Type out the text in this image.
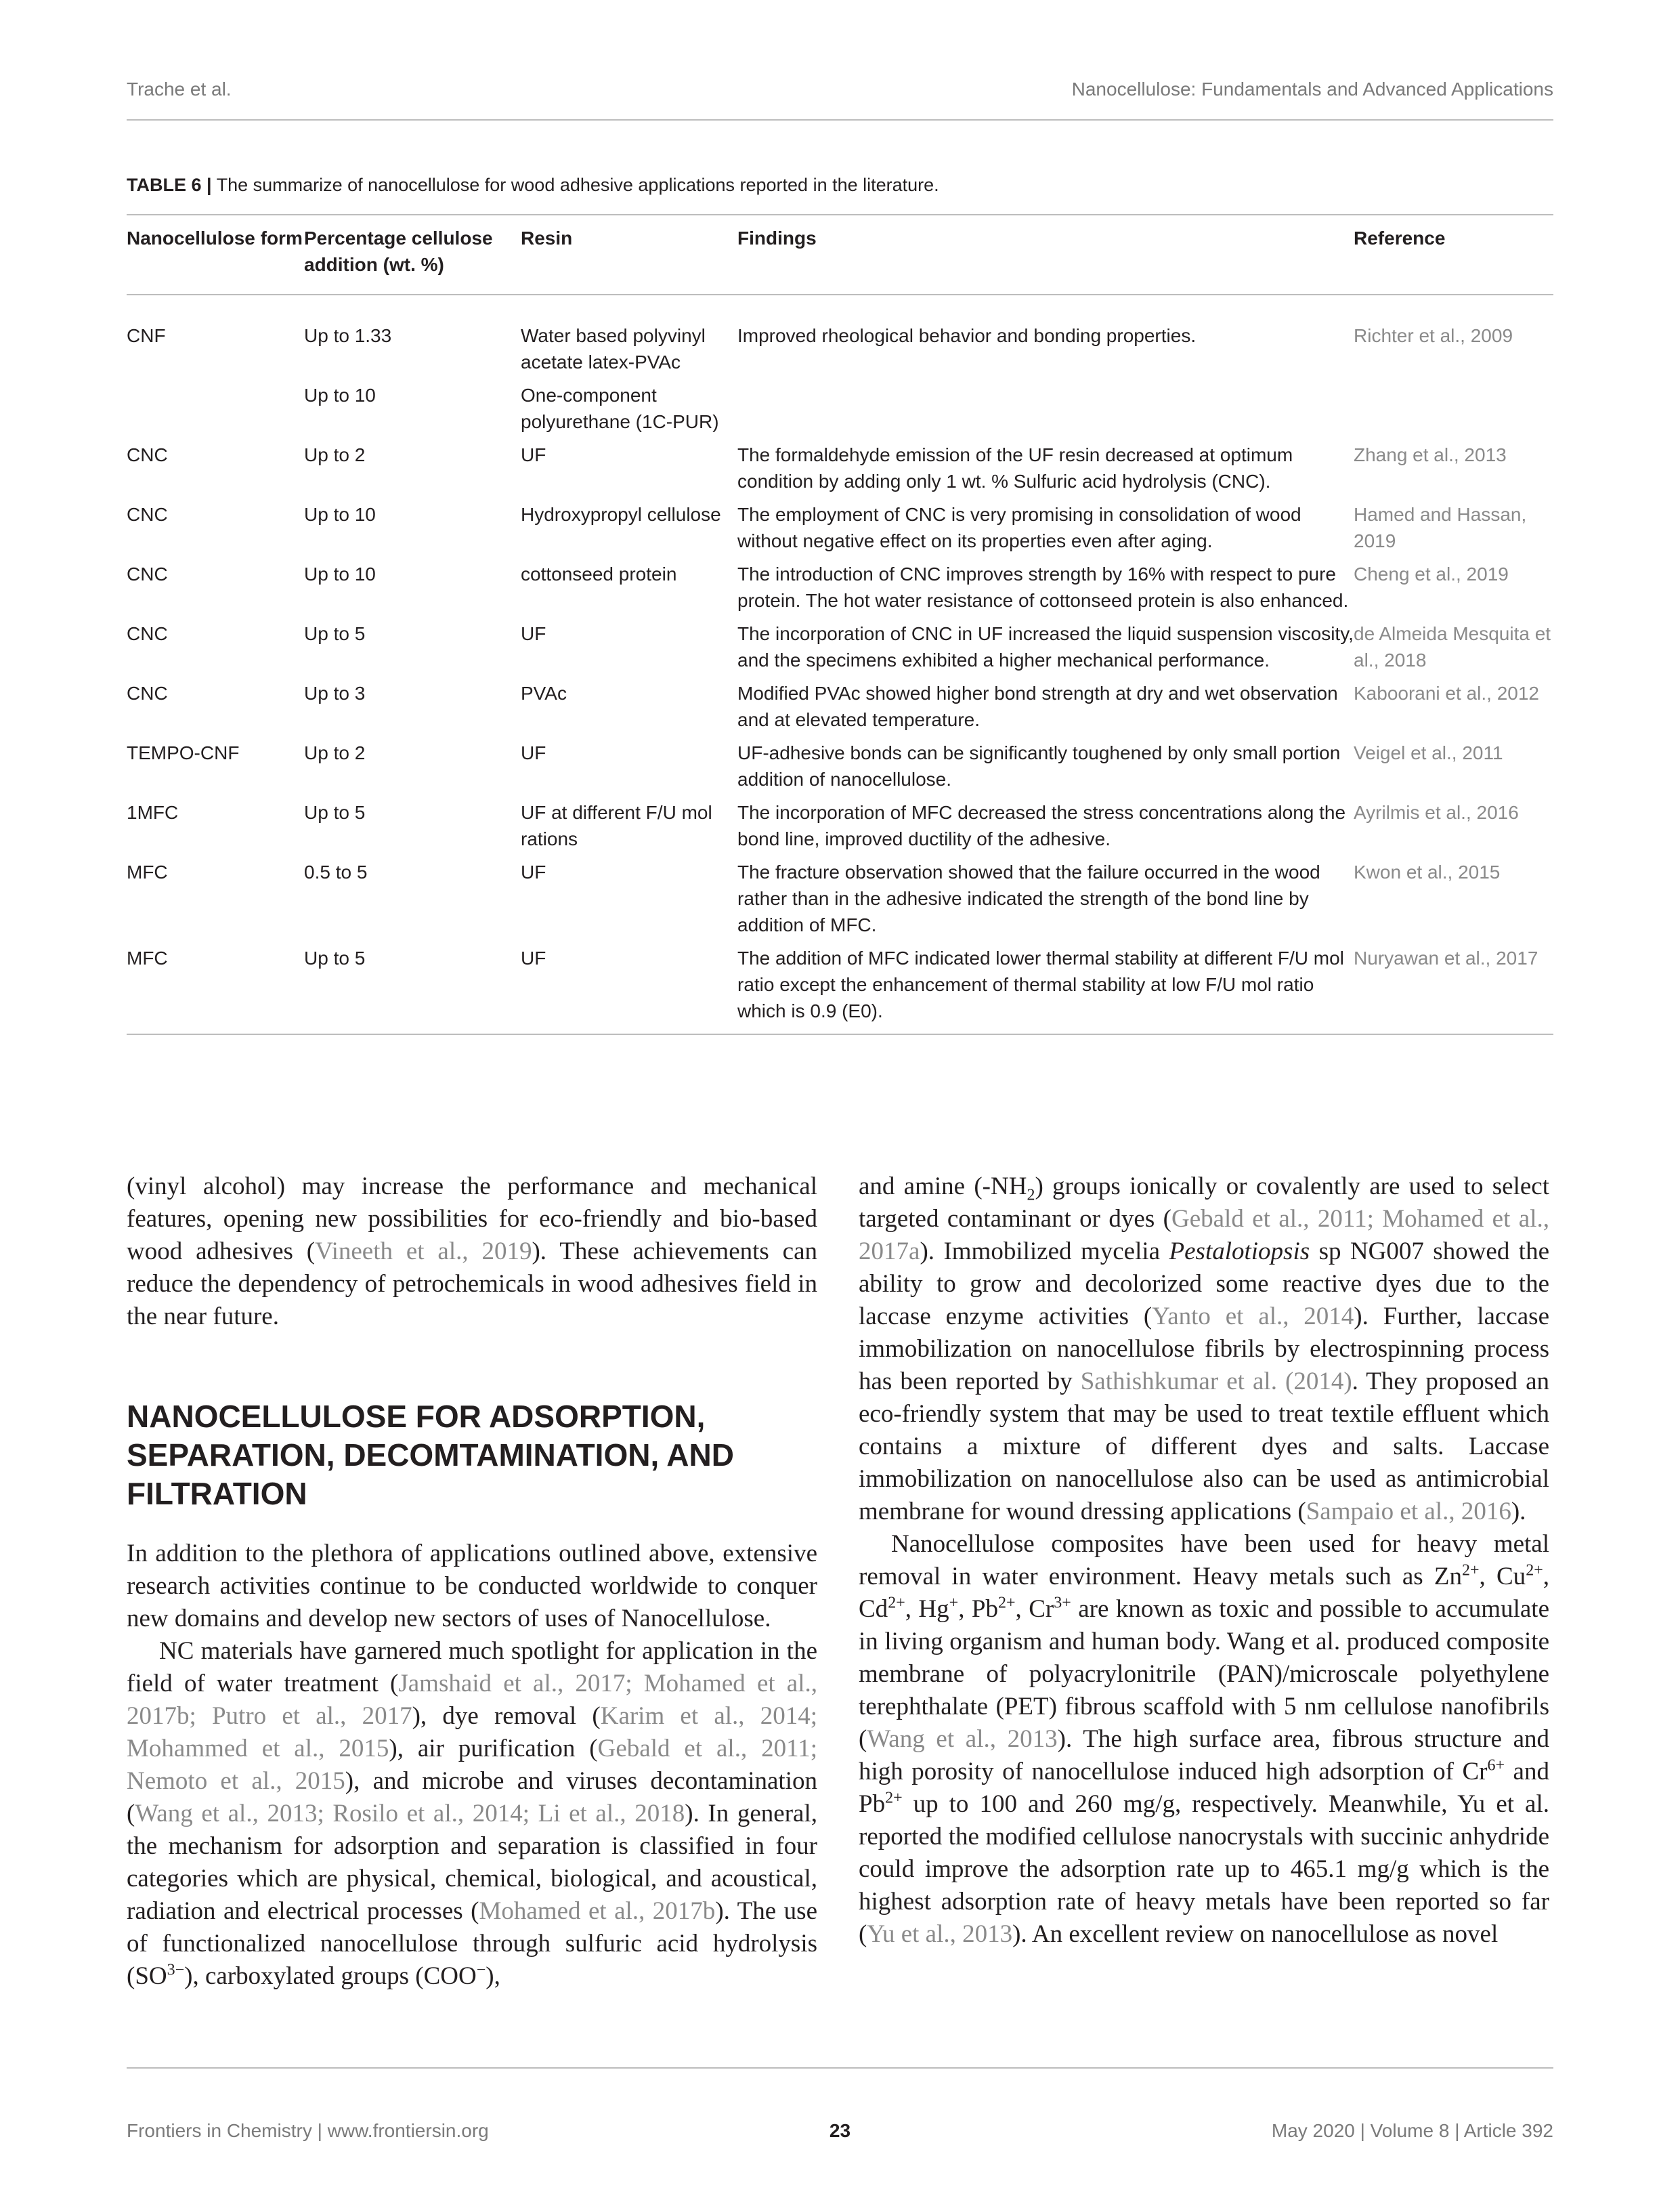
Trache et al.	Nanocellulose: Fundamentals and Advanced Applications
TABLE 6 | The summarize of nanocellulose for wood adhesive applications reported in the literature.
Nanocellulose form	Percentage cellulose addition (wt. %)	Resin	Findings	Reference
CNF	Up to 1.33	Water based polyvinyl acetate latex-PVAc	Improved rheological behavior and bonding properties.	Richter et al., 2009
	Up to 10	One-component polyurethane (1C-PUR)		
CNC	Up to 2	UF	The formaldehyde emission of the UF resin decreased at optimum condition by adding only 1 wt. % Sulfuric acid hydrolysis (CNC).	Zhang et al., 2013
CNC	Up to 10	Hydroxypropyl cellulose	The employment of CNC is very promising in consolidation of wood without negative effect on its properties even after aging.	Hamed and Hassan, 2019
CNC	Up to 10	cottonseed protein	The introduction of CNC improves strength by 16% with respect to pure protein. The hot water resistance of cottonseed protein is also enhanced.	Cheng et al., 2019
CNC	Up to 5	UF	The incorporation of CNC in UF increased the liquid suspension viscosity, and the specimens exhibited a higher mechanical performance.	de Almeida Mesquita et al., 2018
CNC	Up to 3	PVAc	Modified PVAc showed higher bond strength at dry and wet observation and at elevated temperature.	Kaboorani et al., 2012
TEMPO-CNF	Up to 2	UF	UF-adhesive bonds can be significantly toughened by only small portion addition of nanocellulose.	Veigel et al., 2011
1MFC	Up to 5	UF at different F/U mol rations	The incorporation of MFC decreased the stress concentrations along the bond line, improved ductility of the adhesive.	Ayrilmis et al., 2016
MFC	0.5 to 5	UF	The fracture observation showed that the failure occurred in the wood rather than in the adhesive indicated the strength of the bond line by addition of MFC.	Kwon et al., 2015
MFC	Up to 5	UF	The addition of MFC indicated lower thermal stability at different F/U mol ratio except the enhancement of thermal stability at low F/U mol ratio which is 0.9 (E0).	Nuryawan et al., 2017

(vinyl alcohol) may increase the performance and mechanical features, opening new possibilities for eco-friendly and bio-based wood adhesives (Vineeth et al., 2019). These achievements can reduce the dependency of petrochemicals in wood adhesives field in the near future.

NANOCELLULOSE FOR ADSORPTION, SEPARATION, DECOMTAMINATION, AND FILTRATION

In addition to the plethora of applications outlined above, extensive research activities continue to be conducted worldwide to conquer new domains and develop new sectors of uses of Nanocellulose.

NC materials have garnered much spotlight for application in the field of water treatment (Jamshaid et al., 2017; Mohamed et al., 2017b; Putro et al., 2017), dye removal (Karim et al., 2014; Mohammed et al., 2015), air purification (Gebald et al., 2011; Nemoto et al., 2015), and microbe and viruses decontamination (Wang et al., 2013; Rosilo et al., 2014; Li et al., 2018). In general, the mechanism for adsorption and separation is classified in four categories which are physical, chemical, biological, and acoustical, radiation and electrical processes (Mohamed et al., 2017b). The use of functionalized nanocellulose through sulfuric acid hydrolysis $(SO^{3-})$, carboxylated groups (COO−),

and amine $(-NH_2)$ groups ionically or covalently are used to select targeted contaminant or dyes (Gebald et al., 2011; Mohamed et al., 2017a). Immobilized mycelia Pestalotiopsis sp NG007 showed the ability to grow and decolorized some reactive dyes due to the laccase enzyme activities (Yanto et al., 2014). Further, laccase immobilization on nanocellulose fibrils by electrospinning process has been reported by Sathishkumar et al. (2014). They proposed an eco-friendly system that may be used to treat textile effluent which contains a mixture of different dyes and salts. Laccase immobilization on nanocellulose also can be used as antimicrobial membrane for wound dressing applications (Sampaio et al., 2016).

Nanocellulose composites have been used for heavy metal removal in water environment. Heavy metals such as $Zn^{2+}$, $Cu^{2+}$, $Cd^{2+}$, Hg+, $Pb^{2+}$, $Cr^{3+}$ are known as toxic and possible to accumulate in living organism and human body. Wang et al. produced composite membrane of polyacrylonitrile (PAN)/microscale polyethylene terephthalate (PET) fibrous scaffold with 5 nm cellulose nanofibrils (Wang et al., 2013). The high surface area, fibrous structure and high porosity of nanocellulose induced high adsorption of $Cr^{6+}$ and $Pb^{2+}$ up to 100 and 260 mg/g, respectively. Meanwhile, Yu et al. reported the modified cellulose nanocrystals with succinic anhydride could improve the adsorption rate up to 465.1 mg/g which is the highest adsorption rate of heavy metals have been reported so far (Yu et al., 2013). An excellent review on nanocellulose as novel

Frontiers in Chemistry | www.frontiersin.org	23	May 2020 | Volume 8 | Article 392
